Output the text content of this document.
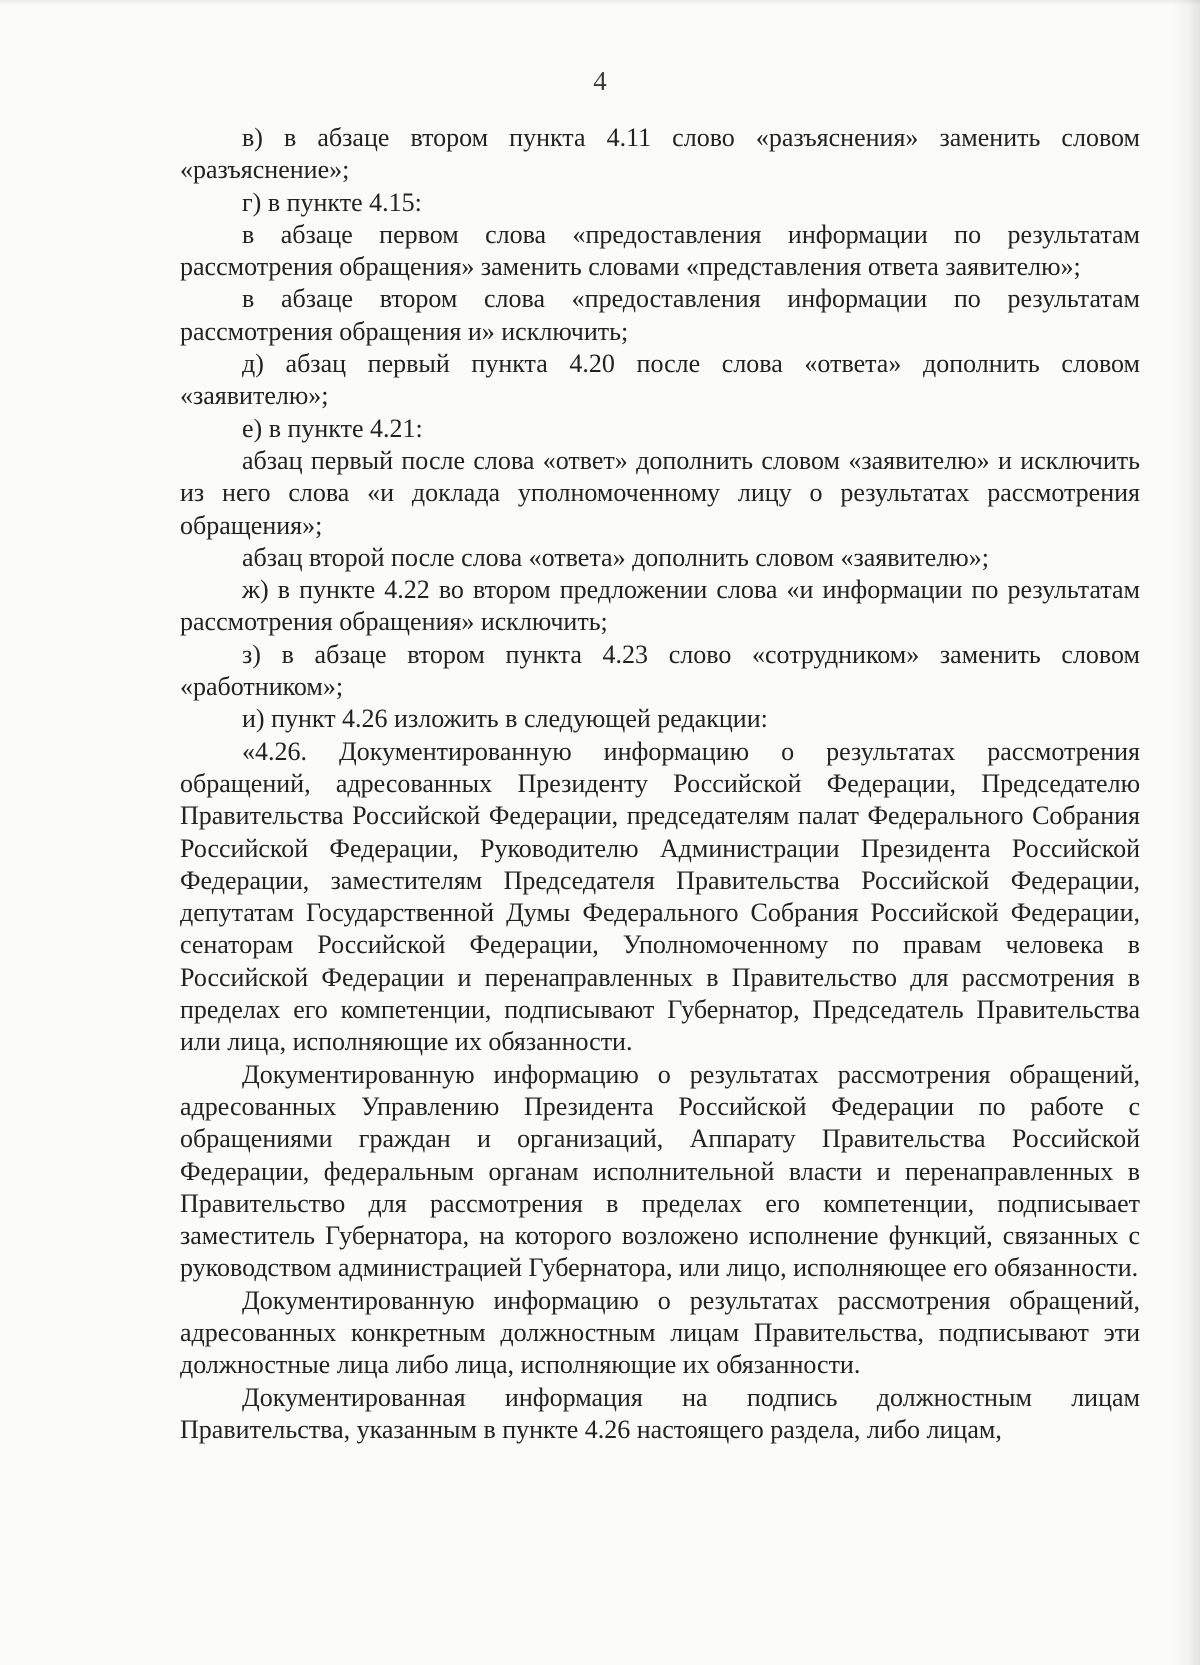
4

в) в абзаце втором пункта 4.11 слово «разъяснения» заменить словом «разъяснение»;

г) в пункте 4.15:

в абзаце первом слова «предоставления информации по результатам рассмотрения обращения» заменить словами «представления ответа заявителю»;

в абзаце втором слова «предоставления информации по результатам рассмотрения обращения и» исключить;

д) абзац первый пункта 4.20 после слова «ответа» дополнить словом «заявителю»;

е) в пункте 4.21:

абзац первый после слова «ответ» дополнить словом «заявителю» и исключить из него слова «и доклада уполномоченному лицу о результатах рассмотрения обращения»;

абзац второй после слова «ответа» дополнить словом «заявителю»;

ж) в пункте 4.22 во втором предложении слова «и информации по результатам рассмотрения обращения» исключить;

з) в абзаце втором пункта 4.23 слово «сотрудником» заменить словом «работником»;

и) пункт 4.26 изложить в следующей редакции:

«4.26. Документированную информацию о результатах рассмотрения обращений, адресованных Президенту Российской Федерации, Председателю Правительства Российской Федерации, председателям палат Федерального Собрания Российской Федерации, Руководителю Администрации Президента Российской Федерации, заместителям Председателя Правительства Российской Федерации, депутатам Государственной Думы Федерального Собрания Российской Федерации, сенаторам Российской Федерации, Уполномоченному по правам человека в Российской Федерации и перенаправленных в Правительство для рассмотрения в пределах его компетенции, подписывают Губернатор, Председатель Правительства или лица, исполняющие их обязанности.

Документированную информацию о результатах рассмотрения обращений, адресованных Управлению Президента Российской Федерации по работе с обращениями граждан и организаций, Аппарату Правительства Российской Федерации, федеральным органам исполнительной власти и перенаправленных в Правительство для рассмотрения в пределах его компетенции, подписывает заместитель Губернатора, на которого возложено исполнение функций, связанных с руководством администрацией Губернатора, или лицо, исполняющее его обязанности.

Документированную информацию о результатах рассмотрения обращений, адресованных конкретным должностным лицам Правительства, подписывают эти должностные лица либо лица, исполняющие их обязанности.

Документированная информация на подпись должностным лицам Правительства, указанным в пункте 4.26 настоящего раздела, либо лицам,
